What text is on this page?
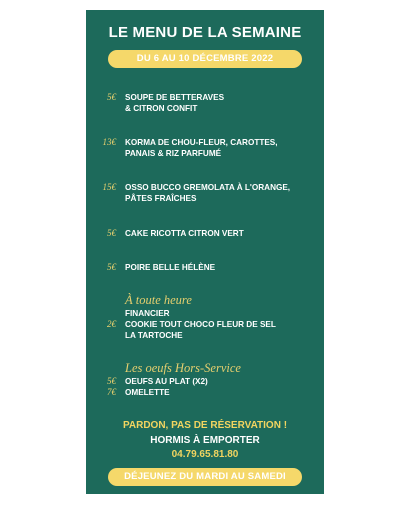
LE MENU DE LA SEMAINE
DU 6 AU 10 DÉCEMBRE 2022
5€ SOUPE DE BETTERAVES
& CITRON CONFIT
13€ KORMA DE CHOU-FLEUR, CAROTTES,
PANAIS & RIZ PARFUMÉ
15€ OSSO BUCCO GREMOLATA À L'ORANGE,
PÂTES FRAÎCHES
5€ CAKE RICOTTA CITRON VERT
5€ POIRE BELLE HÉLÈNE
À toute heure
2€
FINANCIER
COOKIE TOUT CHOCO FLEUR DE SEL
LA TARTOCHE
Les oeufs Hors-Service
5€ OEUFS AU PLAT (X2)
7€ OMELETTE
PARDON, PAS DE RÉSERVATION !
HORMIS À EMPORTER
04.79.65.81.80
DÉJEUNEZ DU MARDI AU SAMEDI
